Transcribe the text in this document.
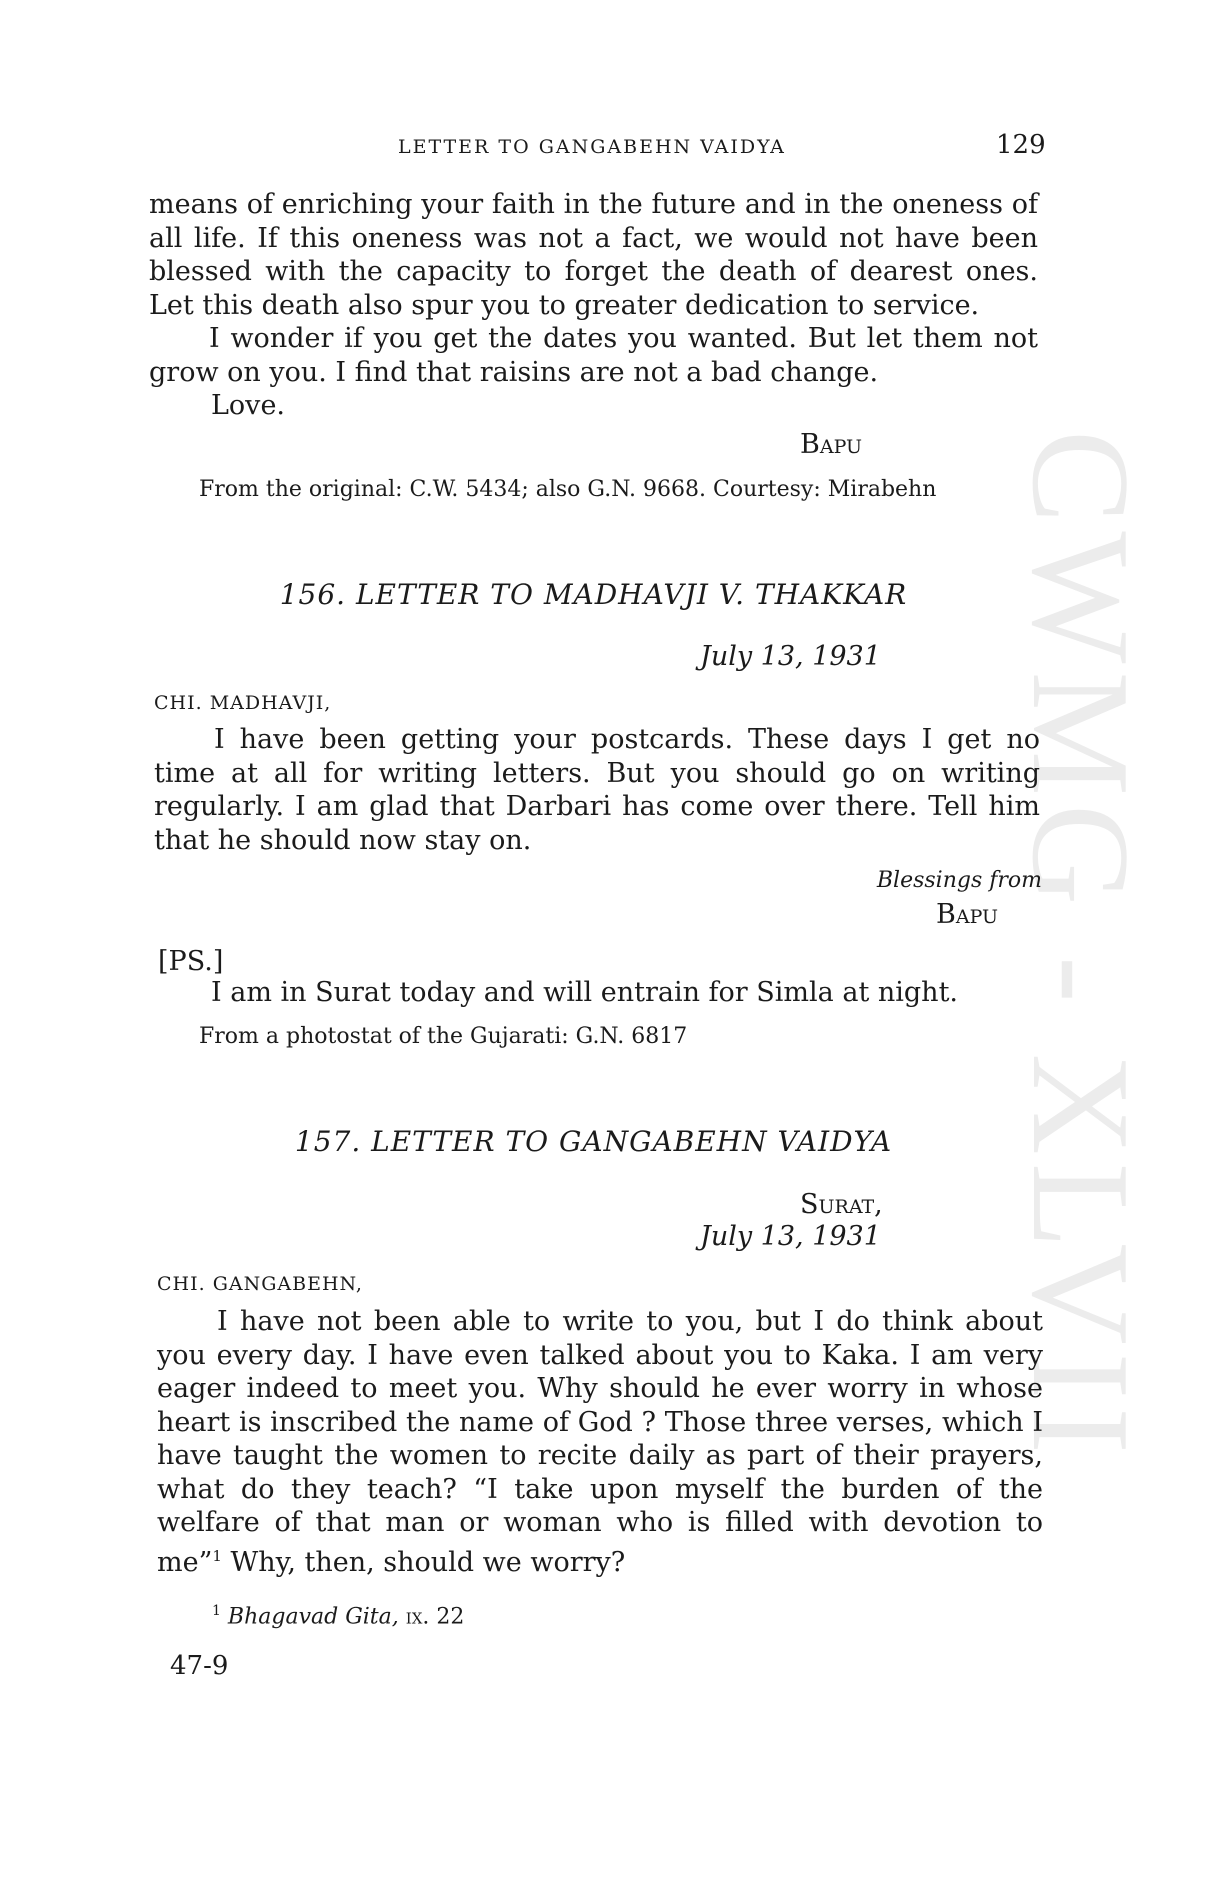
CWMG - XLVII
LETTER TO GANGABEHN VAIDYA	129

means of enriching your faith in the future and in the oneness of all life. If this oneness was not a fact, we would not have been blessed with the capacity to forget the death of dearest ones. Let this death also spur you to greater dedication to service.

I wonder if you get the dates you wanted. But let them not grow on you. I find that raisins are not a bad change.

Love.

Bapu

From the original: C.W. 5434; also G.N. 9668. Courtesy: Mirabehn

156. LETTER TO MADHAVJI V. THAKKAR

July 13, 1931

CHI. MADHAVJI,

I have been getting your postcards. These days I get no time at all for writing letters. But you should go on writing regularly. I am glad that Darbari has come over there. Tell him that he should now stay on.

Blessings from

Bapu

[PS.]

I am in Surat today and will entrain for Simla at night.

From a photostat of the Gujarati: G.N. 6817

157. LETTER TO GANGABEHN VAIDYA

Surat,

July 13, 1931

CHI. GANGABEHN,

I have not been able to write to you, but I do think about you every day. I have even talked about you to Kaka. I am very eager indeed to meet you. Why should he ever worry in whose heart is inscribed the name of God ? Those three verses, which I have taught the women to recite daily as part of their prayers, what do they teach? “I take upon myself the burden of the welfare of that man or woman who is filled with devotion to me”$^1$ Why, then, should we worry?

$^1$ Bhagavad Gita, ix. 22

47-9
